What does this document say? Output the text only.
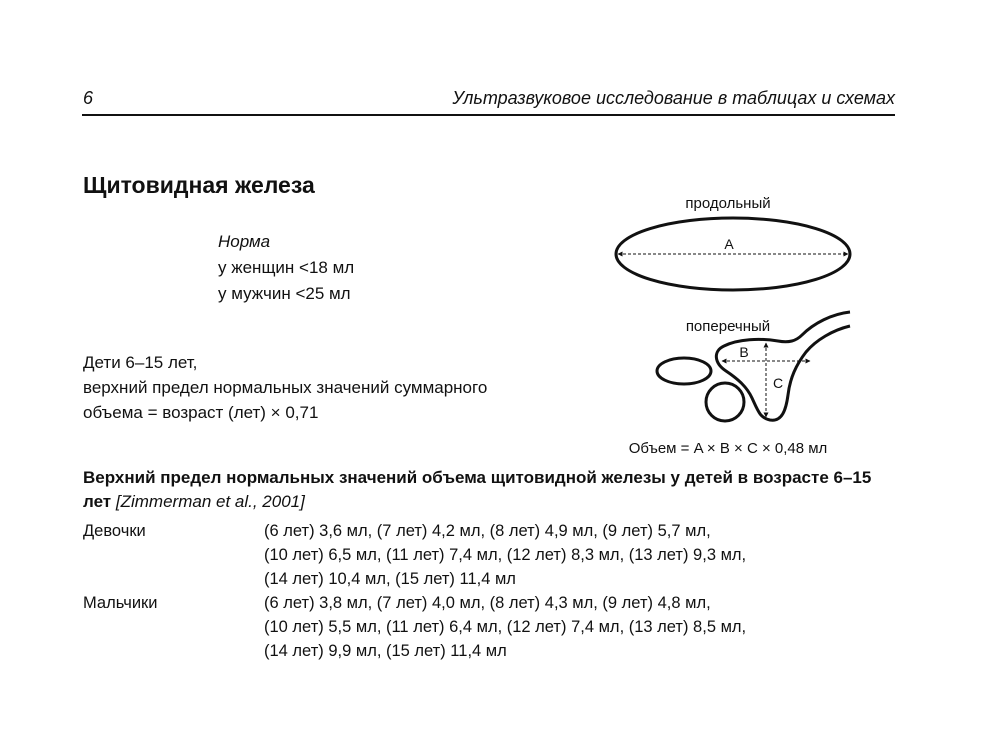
6	Ультразвуковое исследование в таблицах и схемах
Щитовидная железа
Норма
у женщин <18 мл
у мужчин <25 мл
Дети 6–15 лет,
верхний предел нормальных значений суммарного
объема = возраст (лет) × 0,71
продольный
A
поперечный
B
C
Объем = A × B × C × 0,48 мл
Верхний предел нормальных значений объема щитовидной железы у детей в возрасте 6–15 лет [Zimmerman et al., 2001]
Девочки	(6 лет) 3,6 мл, (7 лет) 4,2 мл, (8 лет) 4,9 мл, (9 лет) 5,7 мл,
(10 лет) 6,5 мл, (11 лет) 7,4 мл, (12 лет) 8,3 мл, (13 лет) 9,3 мл,
(14 лет) 10,4 мл, (15 лет) 11,4 мл
Мальчики	(6 лет) 3,8 мл, (7 лет) 4,0 мл, (8 лет) 4,3 мл, (9 лет) 4,8 мл,
(10 лет) 5,5 мл, (11 лет) 6,4 мл, (12 лет) 7,4 мл, (13 лет) 8,5 мл,
(14 лет) 9,9 мл, (15 лет) 11,4 мл
